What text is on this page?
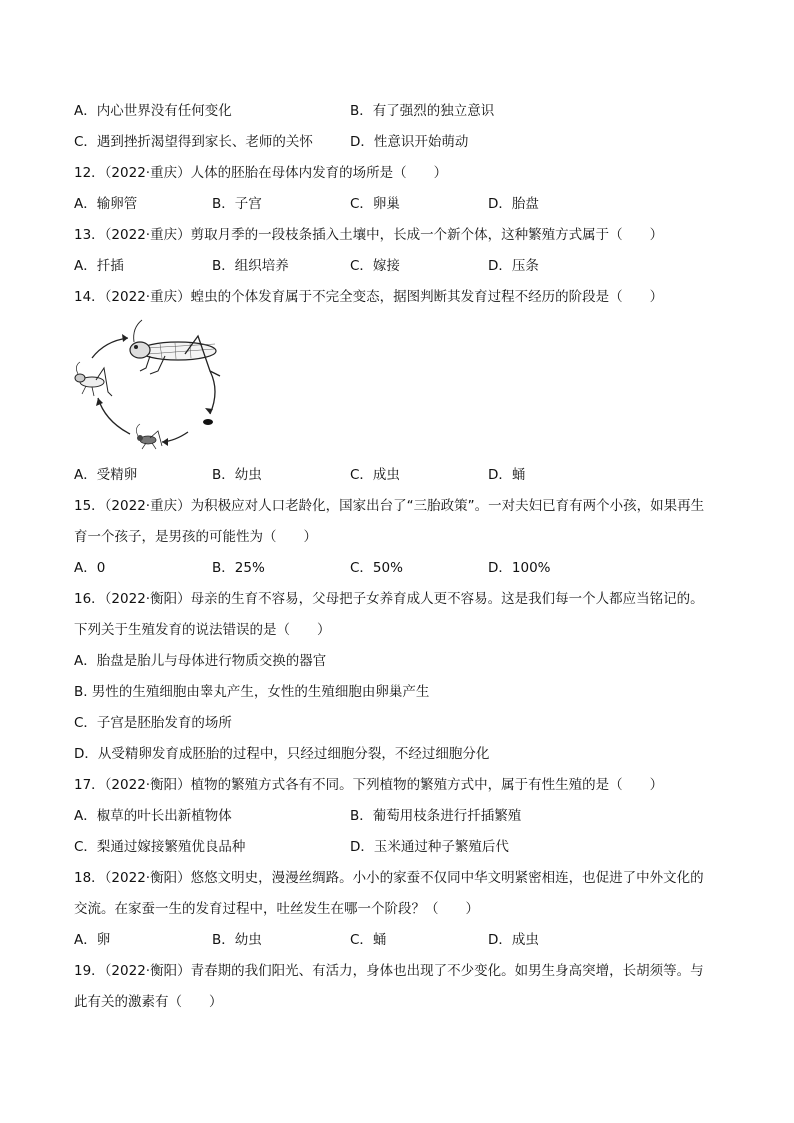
A．内心世界没有任何变化	B．有了强烈的独立意识
C．遇到挫折渴望得到家长、老师的关怀	D．性意识开始萌动
12．（2022·重庆）人体的胚胎在母体内发育的场所是（　　）
A．输卵管	B．子宫	C．卵巢	D．胎盘
13．（2022·重庆）剪取月季的一段枝条插入土壤中，长成一个新个体，这种繁殖方式属于（　　）
A．扦插	B．组织培养	C．嫁接	D．压条
14．（2022·重庆）蝗虫的个体发育属于不完全变态，据图判断其发育过程不经历的阶段是（　　）
A．受精卵	B．幼虫	C．成虫	D．蛹
15．（2022·重庆）为积极应对人口老龄化，国家出台了“三胎政策”。一对夫妇已育有两个小孩，如果再生
育一个孩子，是男孩的可能性为（　　）
A．0	B．25%	C．50%	D．100%
16．（2022·衡阳）母亲的生育不容易，父母把子女养育成人更不容易。这是我们每一个人都应当铭记的。
下列关于生殖发育的说法错误的是（　　）
A．胎盘是胎儿与母体进行物质交换的器官
B. 男性的生殖细胞由睾丸产生，女性的生殖细胞由卵巢产生
C．子宫是胚胎发育的场所
D．从受精卵发育成胚胎的过程中，只经过细胞分裂，不经过细胞分化
17．（2022·衡阳）植物的繁殖方式各有不同。下列植物的繁殖方式中，属于有性生殖的是（　　）
A．椒草的叶长出新植物体	B．葡萄用枝条进行扦插繁殖
C．梨通过嫁接繁殖优良品种	D．玉米通过种子繁殖后代
18．（2022·衡阳）悠悠文明史，漫漫丝绸路。小小的家蚕不仅同中华文明紧密相连，也促进了中外文化的
交流。在家蚕一生的发育过程中，吐丝发生在哪一个阶段？（　　）
A．卵	B．幼虫	C．蛹	D．成虫
19．（2022·衡阳）青春期的我们阳光、有活力，身体也出现了不少变化。如男生身高突增，长胡须等。与
此有关的激素有（　　）
